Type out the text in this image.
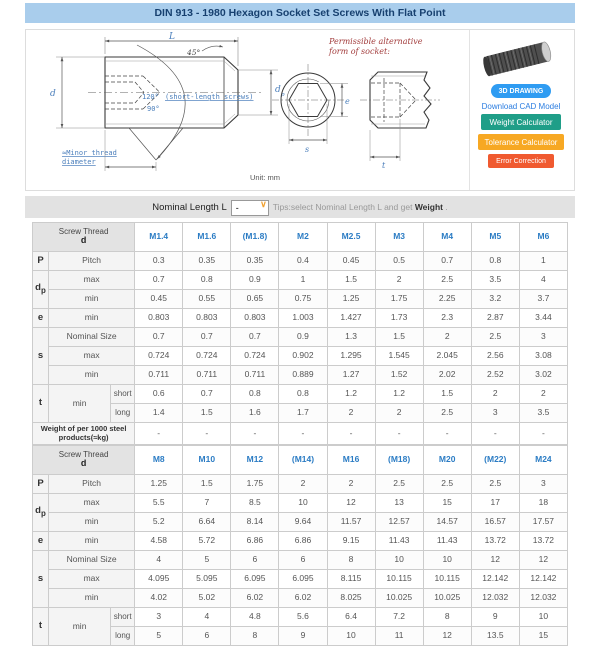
DIN 913 - 1980 Hexagon Socket Set Screws With Flat Point
L
45°
120° (short-length screws)
90°
≈Minor thread
diameter
d	d p
e
s
t
Permissible alternative
form of socket:
Unit: mm
3D DRAWING
Download CAD Model
Weight Calculator
Tolerance Calculator
Error Correction
Nominal Length L
-	∨ Tips:select Nominal Length L and get Weight .
Screw Thread
d			M1.4	M1.6	(M1.8)	M2	M2.5	M3	M4	M5	M6
P	Pitch		0.3	0.35	0.35	0.4	0.45	0.5	0.7	0.8	1
$d_p$	max		0.7	0.8	0.9	1	1.5	2	2.5	3.5	4
	min		0.45	0.55	0.65	0.75	1.25	1.75	2.25	3.2	3.7
e	min		0.803	0.803	0.803	1.003	1.427	1.73	2.3	2.87	3.44
s	Nominal Size		0.7	0.7	0.7	0.9	1.3	1.5	2	2.5	3
	max		0.724	0.724	0.724	0.902	1.295	1.545	2.045	2.56	3.08
	min		0.711	0.711	0.711	0.889	1.27	1.52	2.02	2.52	3.02
t	min	short	0.6	0.7	0.8	0.8	1.2	1.2	1.5	2	2
		long	1.4	1.5	1.6	1.7	2	2	2.5	3	3.5
Weight of per 1000 steel products(≈kg)			-	-	-	-	-	-	-	-	-
Screw Thread
d			M8	M10	M12	(M14)	M16	(M18)	M20	(M22)	M24
P	Pitch		1.25	1.5	1.75	2	2	2.5	2.5	2.5	3
$d_p$	max		5.5	7	8.5	10	12	13	15	17	18
	min		5.2	6.64	8.14	9.64	11.57	12.57	14.57	16.57	17.57
e	min		4.58	5.72	6.86	6.86	9.15	11.43	11.43	13.72	13.72
s	Nominal Size		4	5	6	6	8	10	10	12	12
	max		4.095	5.095	6.095	6.095	8.115	10.115	10.115	12.142	12.142
	min		4.02	5.02	6.02	6.02	8.025	10.025	10.025	12.032	12.032
t	min	short	3	4	4.8	5.6	6.4	7.2	8	9	10
		long	5	6	8	9	10	11	12	13.5	15
